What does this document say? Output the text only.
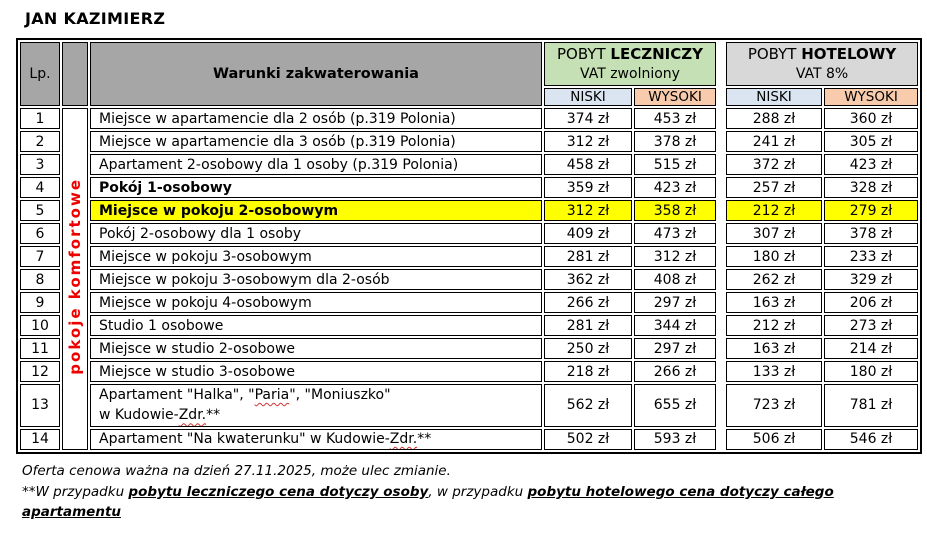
JAN KAZIMIERZ
Lp.		Warunki zakwaterowania	
POBYT LECZNICZY
VAT zwolniony

POBYT HOTELOWY
VAT 8%

			NISKI	WYSOKI		NISKI	WYSOKI
1	pokoje komfortowe	Miejsce w apartamencie dla 2 osób (p.319 Polonia)	374 zł	453 zł		288 zł	360 zł
2		Miejsce w apartamencie dla 3 osób (p.319 Polonia)	312 zł	378 zł		241 zł	305 zł
3		Apartament 2-osobowy dla 1 osoby (p.319 Polonia)	458 zł	515 zł		372 zł	423 zł
4		Pokój 1-osobowy	359 zł	423 zł		257 zł	328 zł
5		Miejsce w pokoju 2-osobowym	312 zł	358 zł		212 zł	279 zł
6		Pokój 2-osobowy dla 1 osoby	409 zł	473 zł		307 zł	378 zł
7		Miejsce w pokoju 3-osobowym	281 zł	312 zł		180 zł	233 zł
8		Miejsce w pokoju 3-osobowym dla 2-osób	362 zł	408 zł		262 zł	329 zł
9		Miejsce w pokoju 4-osobowym	266 zł	297 zł		163 zł	206 zł
10		Studio 1 osobowe	281 zł	344 zł		212 zł	273 zł
11		Miejsce w studio 2-osobowe	250 zł	297 zł		163 zł	214 zł
12		Miejsce w studio 3-osobowe	218 zł	266 zł		133 zł	180 zł
13		Apartament "Halka", "Paria", "Moniuszko"
w Kudowie-Zdr.**	562 zł	655 zł		723 zł	781 zł
14		Apartament "Na kwaterunku" w Kudowie-Zdr.**	502 zł	593 zł		506 zł	546 zł
Oferta cenowa ważna na dzień 27.11.2025, może ulec zmianie.
**W przypadku pobytu leczniczego cena dotyczy osoby, w przypadku pobytu hotelowego cena dotyczy całego apartamentu
